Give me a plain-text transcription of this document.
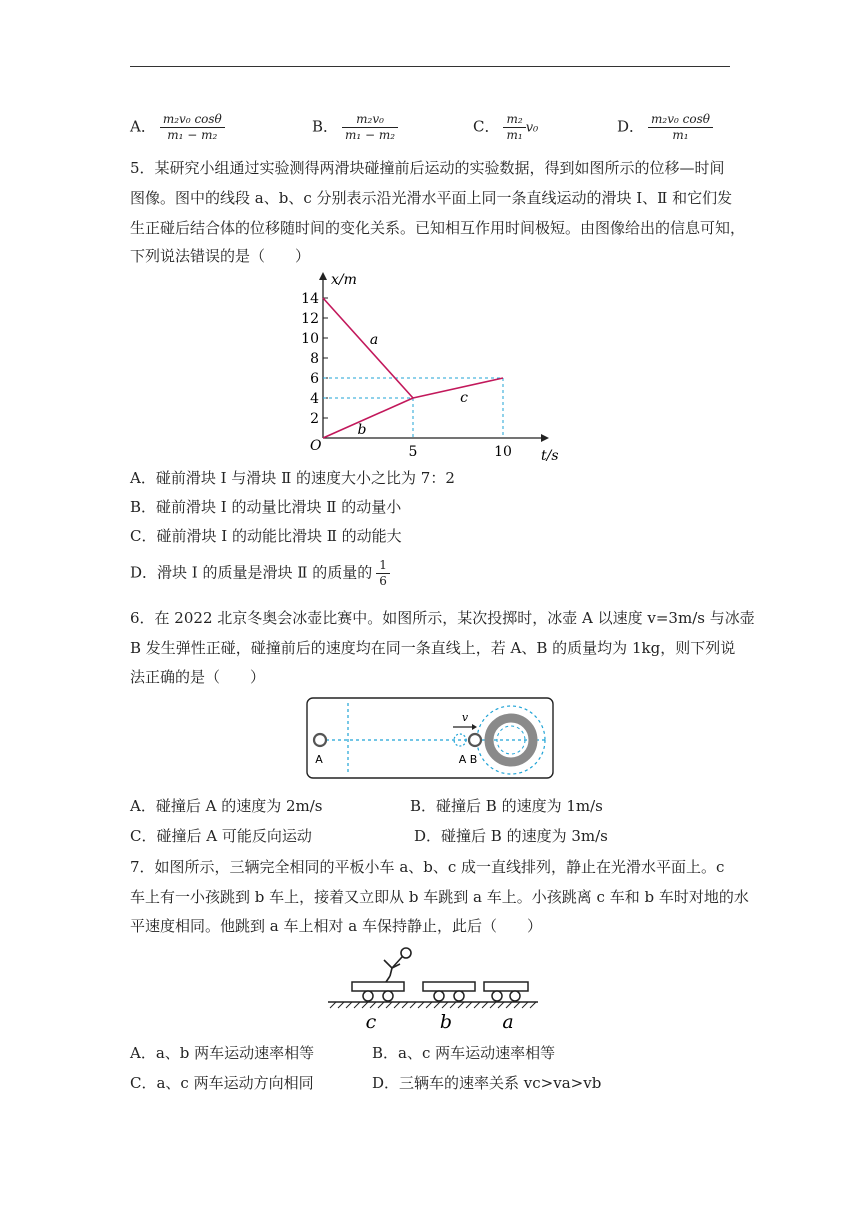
A． $\frac{\text{m₂v₀ cosθ}}{\text{m₁ − m₂}}$	B． $\frac{\text{m₂v₀}}{\text{m₁ − m₂}}$	C． $\frac{\text{m₂}}{\text{m₁}} v_0$	D． $\frac{\text{m₂v₀ cosθ}}{\text{m₁}}$
5．某研究小组通过实验测得两滑块碰撞前后运动的实验数据，得到如图所示的位移—时间
图像。图中的线段 a、b、c 分别表示沿光滑水平面上同一条直线运动的滑块 Ⅰ、Ⅱ 和它们发
生正碰后结合体的位移随时间的变化关系。已知相互作用时间极短。由图像给出的信息可知，
下列说法错误的是（　　）
x/m
t/s
O
2
4
6
8
10
12
14
5	10
a
b
c
A．碰前滑块 Ⅰ 与滑块 Ⅱ 的速度大小之比为 7：2
B．碰前滑块 Ⅰ 的动量比滑块 Ⅱ 的动量小
C．碰前滑块 Ⅰ 的动能比滑块 Ⅱ 的动能大
D．滑块 Ⅰ 的质量是滑块 Ⅱ 的质量的 $\frac{1}{6}$
6．在 2022 北京冬奥会冰壶比赛中。如图所示，某次投掷时，冰壶 A 以速度 v=3m/s 与冰壶
B 发生弹性正碰，碰撞前后的速度均在同一条直线上，若 A、B 的质量均为 1kg，则下列说
法正确的是（　　）
v
A	A B
A．碰撞后 A 的速度为 2m/s	B．碰撞后 B 的速度为 1m/s
C．碰撞后 A 可能反向运动	D．碰撞后 B 的速度为 3m/s
7．如图所示，三辆完全相同的平板小车 a、b、c 成一直线排列，静止在光滑水平面上。c
车上有一小孩跳到 b 车上，接着又立即从 b 车跳到 a 车上。小孩跳离 c 车和 b 车时对地的水
平速度相同。他跳到 a 车上相对 a 车保持静止，此后（　　）
c	b	a
A．a、b 两车运动速率相等	B．a、c 两车运动速率相等
C．a、c 两车运动方向相同	D．三辆车的速率关系 vc>va>vb
